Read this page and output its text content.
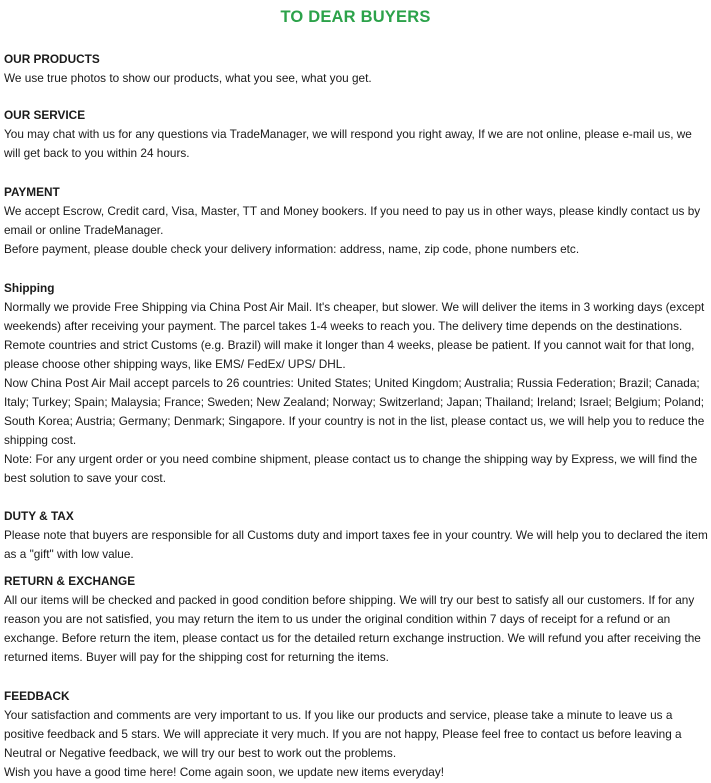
TO DEAR BUYERS
OUR PRODUCTS

We use true photos to show our products, what you see, what you get.

OUR SERVICE

You may chat with us for any questions via TradeManager, we will respond you right away, If we are not online, please e-mail us, we will get back to you within 24 hours.

PAYMENT

We accept Escrow, Credit card, Visa, Master, TT and Money bookers. If you need to pay us in other ways, please kindly contact us by email or online TradeManager.

Before payment, please double check your delivery information: address, name, zip code, phone numbers etc.

Shipping

Normally we provide Free Shipping via China Post Air Mail. It's cheaper, but slower. We will deliver the items in 3 working days (except weekends) after receiving your payment. The parcel takes 1-4 weeks to reach you. The delivery time depends on the destinations. Remote countries and strict Customs (e.g. Brazil) will make it longer than 4 weeks, please be patient. If you cannot wait for that long, please choose other shipping ways, like EMS/ FedEx/ UPS/ DHL.

Now China Post Air Mail accept parcels to 26 countries: United States; United Kingdom; Australia; Russia Federation; Brazil; Canada; Italy; Turkey; Spain; Malaysia; France; Sweden; New Zealand; Norway; Switzerland; Japan; Thailand; Ireland; Israel; Belgium; Poland; South Korea; Austria; Germany; Denmark; Singapore. If your country is not in the list, please contact us, we will help you to reduce the shipping cost.

Note: For any urgent order or you need combine shipment, please contact us to change the shipping way by Express, we will find the best solution to save your cost.

DUTY & TAX

Please note that buyers are responsible for all Customs duty and import taxes fee in your country. We will help you to declared the item as a "gift" with low value.

RETURN & EXCHANGE

All our items will be checked and packed in good condition before shipping. We will try our best to satisfy all our customers. If for any reason you are not satisfied, you may return the item to us under the original condition within 7 days of receipt for a refund or an exchange. Before return the item, please contact us for the detailed return exchange instruction. We will refund you after receiving the returned items. Buyer will pay for the shipping cost for returning the items.

FEEDBACK

Your satisfaction and comments are very important to us. If you like our products and service, please take a minute to leave us a positive feedback and 5 stars. We will appreciate it very much. If you are not happy, Please feel free to contact us before leaving a Neutral or Negative feedback, we will try our best to work out the problems.

Wish you have a good time here! Come again soon, we update new items everyday!
